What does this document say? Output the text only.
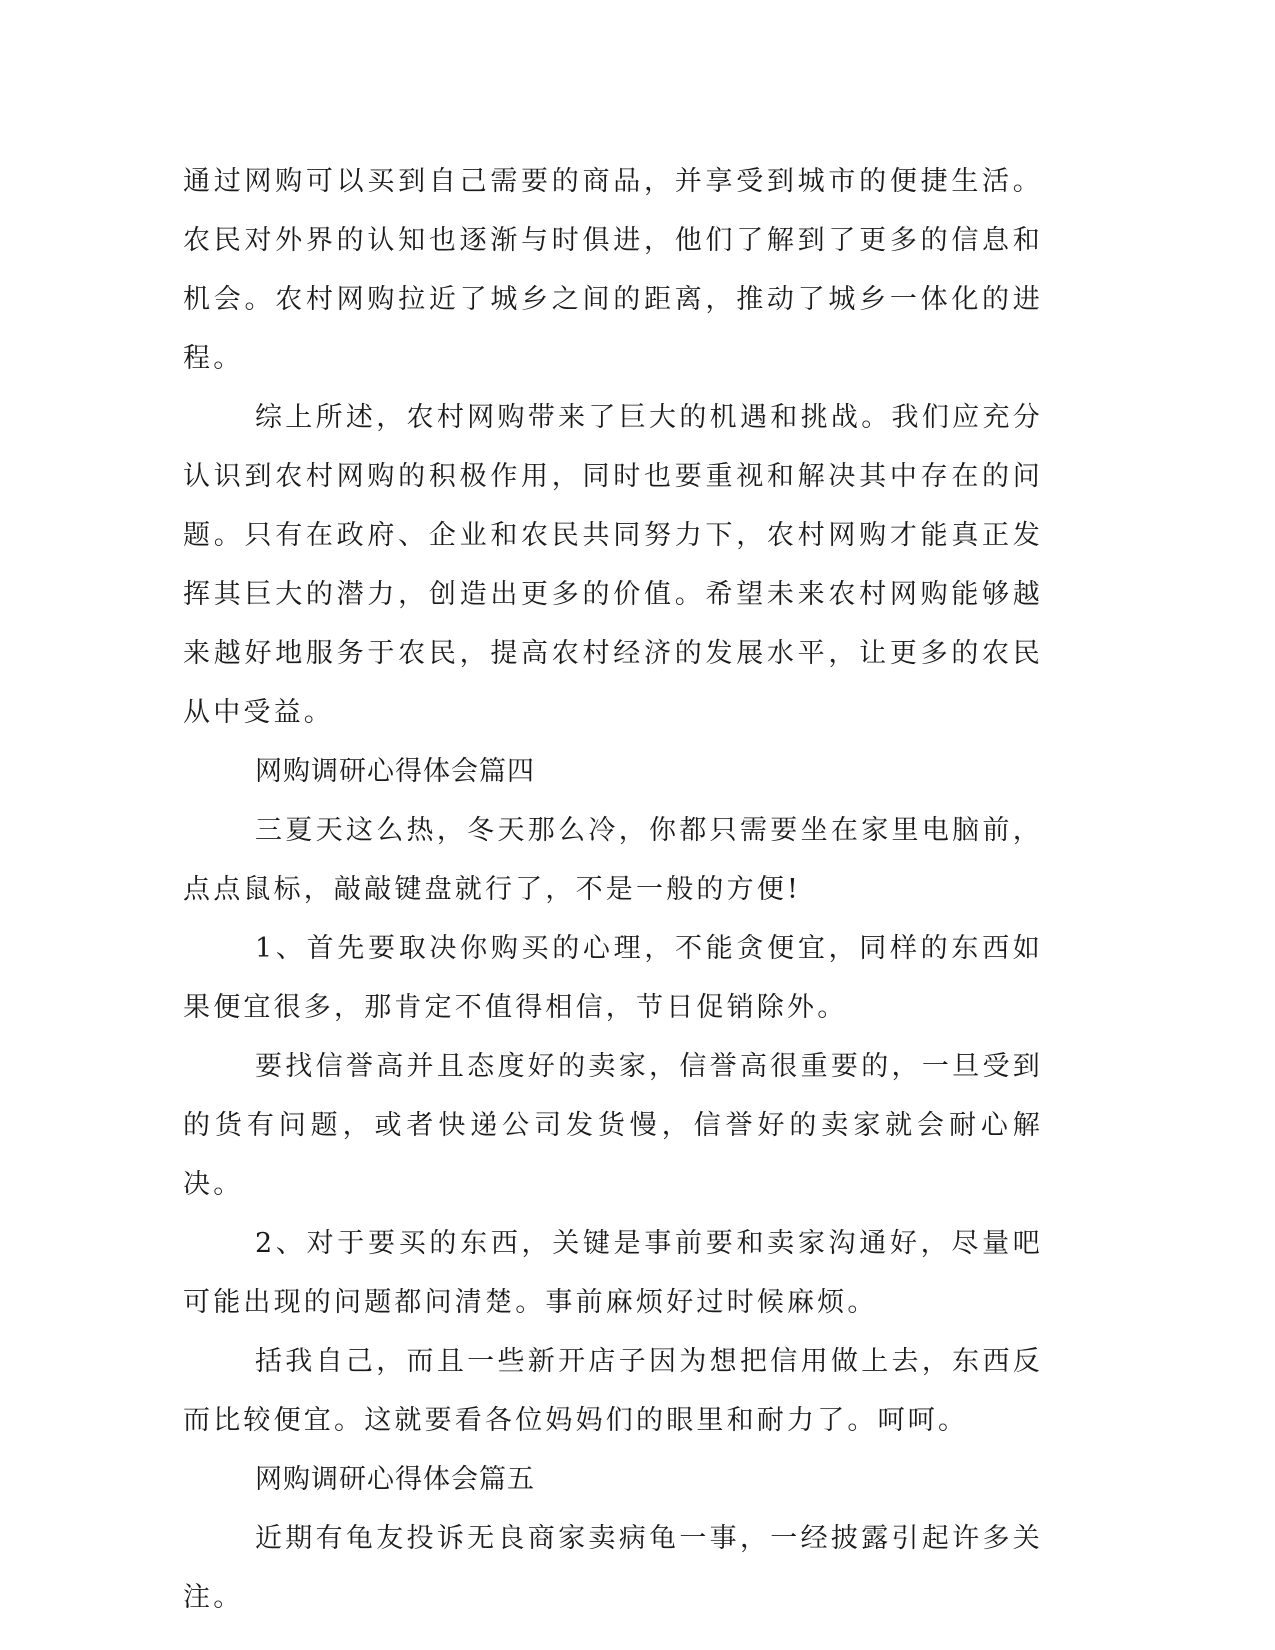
通过网购可以买到自己需要的商品，并享受到城市的便捷生活。农民对外界的认知也逐渐与时俱进，他们了解到了更多的信息和机会。农村网购拉近了城乡之间的距离，推动了城乡一体化的进程。

综上所述，农村网购带来了巨大的机遇和挑战。我们应充分认识到农村网购的积极作用，同时也要重视和解决其中存在的问题。只有在政府、企业和农民共同努力下，农村网购才能真正发挥其巨大的潜力，创造出更多的价值。希望未来农村网购能够越来越好地服务于农民，提高农村经济的发展水平，让更多的农民从中受益。

网购调研心得体会篇四

三夏天这么热，冬天那么冷，你都只需要坐在家里电脑前，点点鼠标，敲敲键盘就行了，不是一般的方便!

1、首先要取决你购买的心理，不能贪便宜，同样的东西如果便宜很多，那肯定不值得相信，节日促销除外。

要找信誉高并且态度好的卖家，信誉高很重要的，一旦受到的货有问题，或者快递公司发货慢，信誉好的卖家就会耐心解决。

2、对于要买的东西，关键是事前要和卖家沟通好，尽量吧可能出现的问题都问清楚。事前麻烦好过时候麻烦。

括我自己，而且一些新开店子因为想把信用做上去，东西反而比较便宜。这就要看各位妈妈们的眼里和耐力了。呵呵。

网购调研心得体会篇五

近期有龟友投诉无良商家卖病龟一事，一经披露引起许多关注。
